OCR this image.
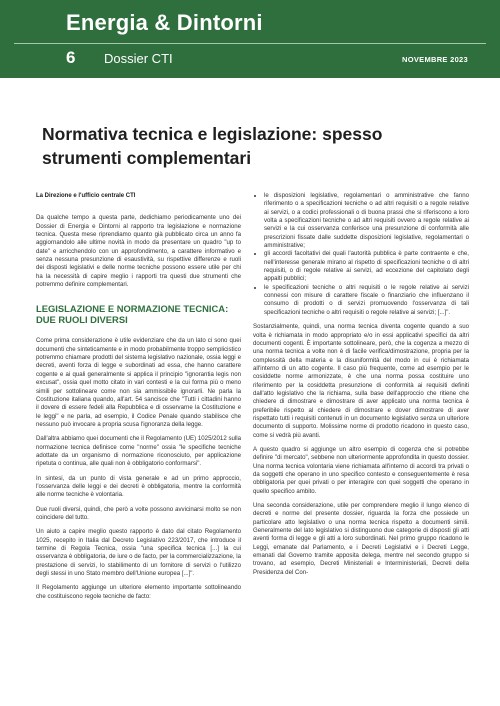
Energia & Dintorni
6 Dossier CTI	NOVEMBRE 2023
Normativa tecnica e legislazione: spesso strumenti complementari
La Direzione e l'ufficio centrale CTI

Da qualche tempo a questa parte, dedichiamo periodicamente uno dei Dossier di Energia e Dintorni al rapporto tra legislazione e normazione tecnica. Questa mese riprendiamo quanto già pubblicato circa un anno fa aggiornandolo alle ultime novità in modo da presentare un quadro "up to date" e arricchendolo con un approfondimento, a carattere informativo e senza nessuna presunzione di esaustività, su rispettive differenze e ruoli dei disposti legislativi e delle norme tecniche possono essere utile per chi ha la necessità di capire meglio i rapporti tra questi due strumenti che potremmo definire complementari.

LEGISLAZIONE E NORMAZIONE TECNICA: DUE RUOLI DIVERSI

Come prima considerazione è utile evidenziare che da un lato ci sono quei documenti che sinteticamente e in modo probabilmente troppo semplicistico potremmo chiamare prodotti del sistema legislativo nazionale, ossia leggi e decreti, aventi forza di legge e subordinati ad essa, che hanno carattere cogente e ai quali generalmente si applica il principio "ignorantia legis non excusat", ossia quel motto citato in vari contesti e la cui forma più o meno simili per sottolineare come non sia ammissibile ignorarli. Ne parla la Costituzione italiana quando, all'art. 54 sancisce che "Tutti i cittadini hanno il dovere di essere fedeli alla Repubblica e di osservarne la Costituzione e le leggi" e ne parla, ad esempio, il Codice Penale quando stabilisce che nessuno può invocare a propria scusa l'ignoranza della legge.

Dall'altra abbiamo quei documenti che il Regolamento (UE) 1025/2012 sulla normazione tecnica definisce come "norme" ossia "le specifiche tecniche adottate da un organismo di normazione riconosciuto, per applicazione ripetuta o continua, alle quali non è obbligatorio conformarsi".

In sintesi, da un punto di vista generale e ad un primo approccio, l'osservanza delle leggi e dei decreti è obbligatoria, mentre la conformità alle norme tecniche è volontaria.

Due ruoli diversi, quindi, che però a volte possono avvicinarsi molto se non coincidere del tutto.

Un aiuto a capire meglio questo rapporto è dato dal citato Regolamento 1025, recepito in Italia dal Decreto Legislativo 223/2017, che introduce il termine di Regola Tecnica, ossia "una specifica tecnica [...] la cui osservanza è obbligatoria, de iure o de facto, per la commercializzazione, la prestazione di servizi, lo stabilimento di un fornitore di servizi o l'utilizzo degli stessi in uno Stato membro dell'Unione europea [...]".

Il Regolamento aggiunge un ulteriore elemento importante sottolineando che costituiscono regole tecniche de facto:

• le disposizioni legislative, regolamentari o amministrative che fanno riferimento o a specificazioni tecniche o ad altri requisiti o a regole relative ai servizi, o a codici professionali o di buona prassi che si riferiscono a loro volta a specificazioni tecniche o ad altri requisiti ovvero a regole relative ai servizi e la cui osservanza conferisce una presunzione di conformità alle prescrizioni fissate dalle suddette disposizioni legislative, regolamentari o amministrative;
• gli accordi facoltativi dei quali l'autorità pubblica è parte contraente e che, nell'interesse generale mirano al rispetto di specificazioni tecniche o di altri requisiti, o di regole relative ai servizi, ad eccezione del capitolato degli appalti pubblici;
• le specificazioni tecniche o altri requisiti o le regole relative ai servizi connessi con misure di carattere fiscale o finanziario che influenzano il consumo di prodotti o di servizi promuovendo l'osservanza di tali specificazioni tecniche o altri requisiti o regole relative ai servizi; [...]".

Sostanzialmente, quindi, una norma tecnica diventa cogente quando a suo volta è richiamata in modo appropriato e/o in essi applicativi specifici da altri documenti cogenti. È importante sottolineare, però, che la cogenza a mezzo di una norma tecnica a volte non è di facile verifica/dimostrazione, propria per la complessità della materia e la disuniformità del modo in cui è richiamata all'interno di un atto cogente. Il caso più frequente, come ad esempio per le cosiddette norme armonizzate, è che una norma possa costituire uno riferimento per la cosiddetta presunzione di conformità ai requisiti definiti dall'atto legislativo che la richiama, sulla base dell'approccio che ritiene che chiedere di dimostrare e dimostrare di aver applicato una norma tecnica è preferibile rispetto al chiedere di dimostrare e dover dimostrare di aver rispettato tutti i requisiti contenuti in un documento legislativo senza un ulteriore documento di supporto. Molissime norme di prodotto ricadono in questo caso, come si vedrà più avanti.

A questo quadro si aggiunge un altro esempio di cogenza che si potrebbe definire "di mercato", sebbene non ulteriormente approfondita in questo dossier. Una norma tecnica volontaria viene richiamata all'interno di accordi tra privati o da soggetti che operano in uno specifico contesto e conseguentemente è resa obbligatoria per quei privati o per interagire con quei soggetti che operano in quello specifico ambito.

Una seconda considerazione, utile per comprendere meglio il lungo elenco di decreti e norme del presente dossier, riguarda la forza che possiede un particolare atto legislativo o una norma tecnica rispetto a documenti simili. Generalmente del lato legislativo si distinguono due categorie di disposti gli atti aventi forma di legge e gli atti a loro subordinati. Nel primo gruppo ricadono le Leggi, emanate dal Parlamento, e i Decreti Legislativi e i Decreti Legge, emanati dal Governo tramite apposita delega, mentre nel secondo gruppo si trovano, ad esempio, Decreti Ministeriali e Interministeriali, Decreti della Presidenza del Con-
